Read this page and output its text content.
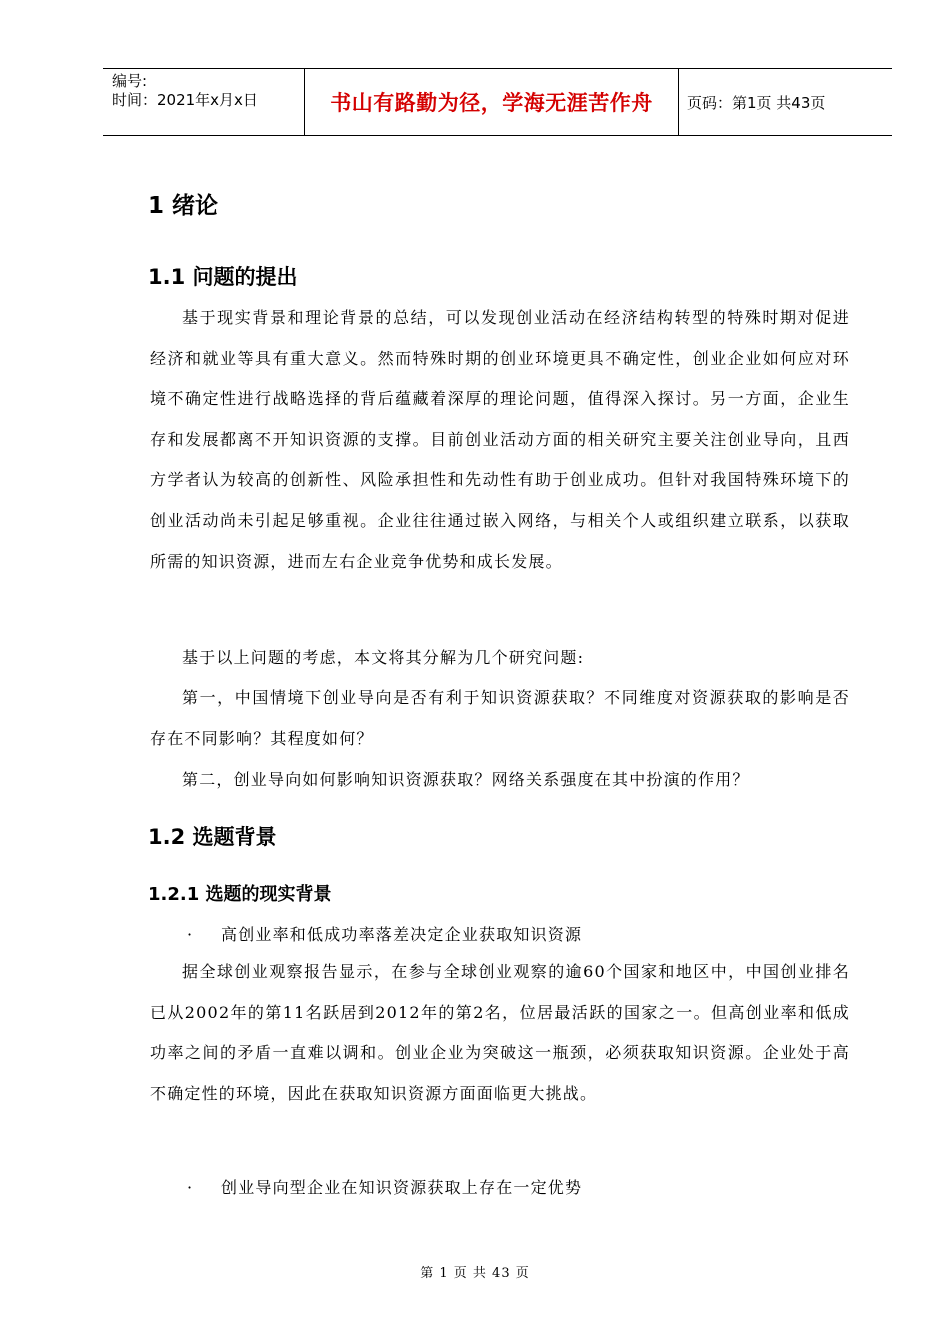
编号:
时间：2021年x月x日	书山有路勤为径，学海无涯苦作舟	页码：第1页 共43页
1 绪论
1.1 问题的提出

基于现实背景和理论背景的总结，可以发现创业活动在经济结构转型的特殊时期对促进经济和就业等具有重大意义。然而特殊时期的创业环境更具不确定性，创业企业如何应对环境不确定性进行战略选择的背后蕴藏着深厚的理论问题，值得深入探讨。另一方面，企业生存和发展都离不开知识资源的支撑。目前创业活动方面的相关研究主要关注创业导向，且西方学者认为较高的创新性、风险承担性和先动性有助于创业成功。但针对我国特殊环境下的创业活动尚未引起足够重视。企业往往通过嵌入网络，与相关个人或组织建立联系，以获取所需的知识资源，进而左右企业竞争优势和成长发展。

基于以上问题的考虑，本文将其分解为几个研究问题:

第一，中国情境下创业导向是否有利于知识资源获取？不同维度对资源获取的影响是否存在不同影响？其程度如何？

第二，创业导向如何影响知识资源获取？网络关系强度在其中扮演的作用？

1.2 选题背景
1.2.1 选题的现实背景
· 高创业率和低成功率落差决定企业获取知识资源

据全球创业观察报告显示，在参与全球创业观察的逾60个国家和地区中，中国创业排名已从2002年的第11名跃居到2012年的第2名，位居最活跃的国家之一。但高创业率和低成功率之间的矛盾一直难以调和。创业企业为突破这一瓶颈，必须获取知识资源。企业处于高不确定性的环境，因此在获取知识资源方面面临更大挑战。

· 创业导向型企业在知识资源获取上存在一定优势
第 1 页 共 43 页
